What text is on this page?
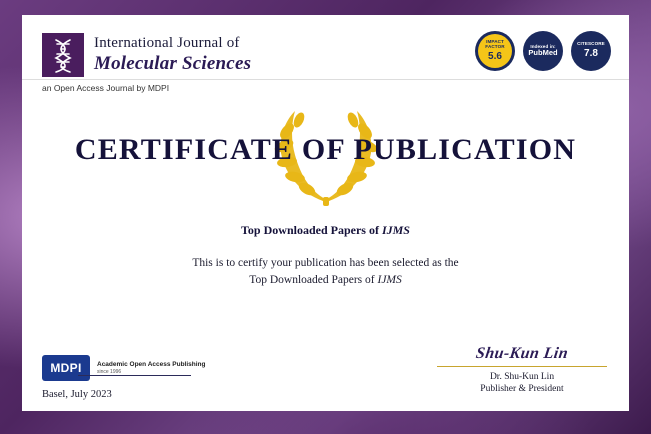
International Journal of
Molecular Sciences
an Open Access Journal by MDPI
IMPACT
FACTOR
5.6
Indexed in:
PubMed
CITESCORE
7.8
CERTIFICATE OF PUBLICATION
Top Downloaded Papers of IJMS
This is to certify your publication has been selected as the
Top Downloaded Papers of IJMS
MDPI	Academic Open Access Publishing
since 1996
Basel, July 2023
Shu-Kun Lin
Dr. Shu-Kun Lin
Publisher & President
